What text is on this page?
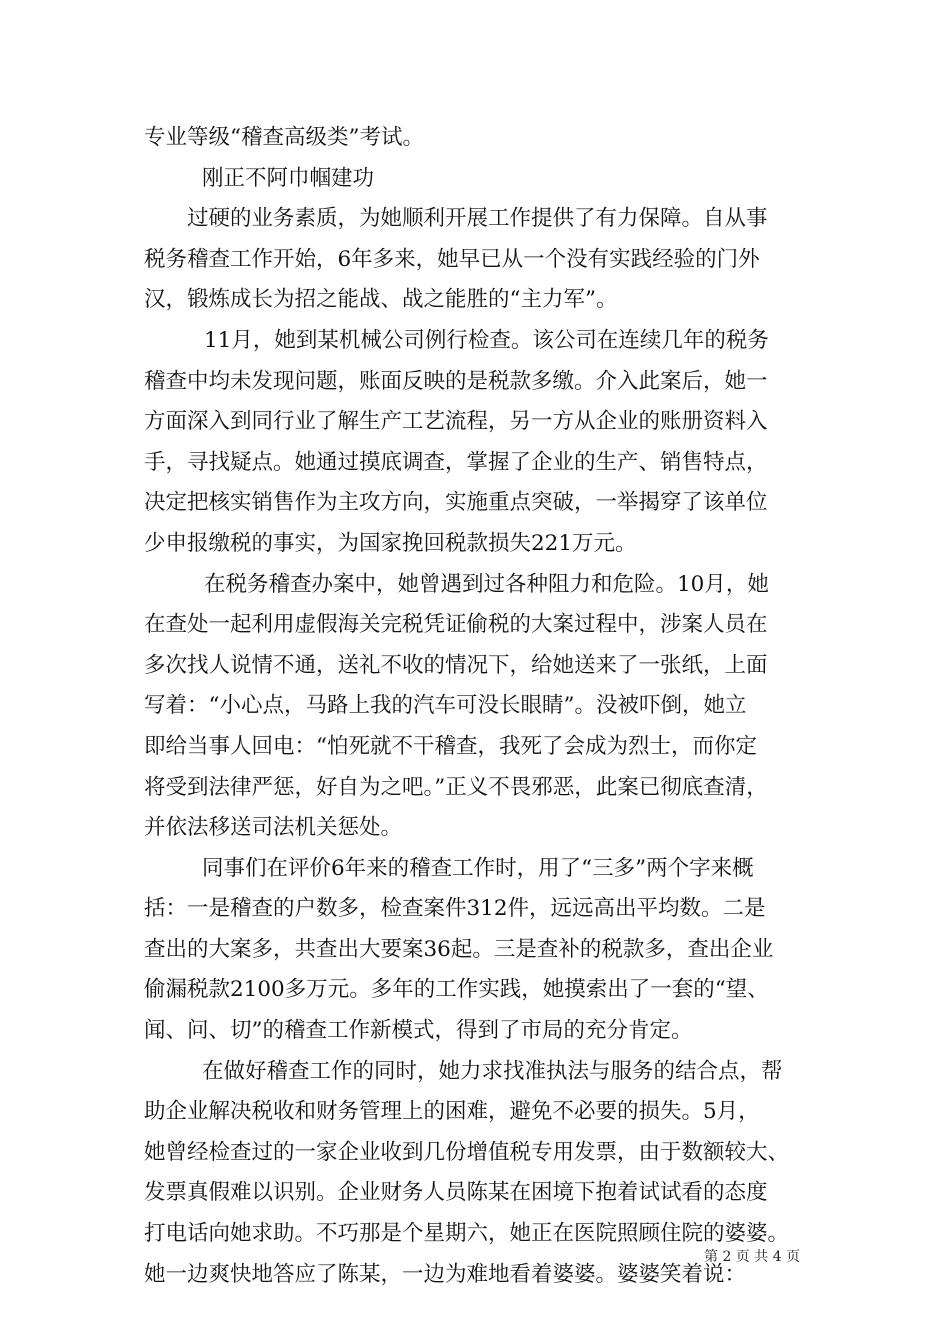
专业等级“稽查高级类”考试。
刚正不阿巾帼建功
过硬的业务素质，为她顺利开展工作提供了有力保障。自从事
税务稽查工作开始，6年多来，她早已从一个没有实践经验的门外
汉，锻炼成长为招之能战、战之能胜的“主力军”。
11月，她到某机械公司例行检查。该公司在连续几年的税务
稽查中均未发现问题，账面反映的是税款多缴。介入此案后，她一
方面深入到同行业了解生产工艺流程，另一方从企业的账册资料入
手，寻找疑点。她通过摸底调查，掌握了企业的生产、销售特点，
决定把核实销售作为主攻方向，实施重点突破，一举揭穿了该单位
少申报缴税的事实，为国家挽回税款损失221万元。
在税务稽查办案中，她曾遇到过各种阻力和危险。10月，她
在查处一起利用虚假海关完税凭证偷税的大案过程中，涉案人员在
多次找人说情不通，送礼不收的情况下，给她送来了一张纸，上面
写着：“小心点，马路上我的汽车可没长眼睛”。没被吓倒，她立
即给当事人回电：“怕死就不干稽查，我死了会成为烈士，而你定
将受到法律严惩，好自为之吧。”正义不畏邪恶，此案已彻底查清，
并依法移送司法机关惩处。
同事们在评价6年来的稽查工作时，用了“三多”两个字来概
括：一是稽查的户数多，检查案件312件，远远高出平均数。二是
查出的大案多，共查出大要案36起。三是查补的税款多，查出企业
偷漏税款2100多万元。多年的工作实践，她摸索出了一套的“望、
闻、问、切”的稽查工作新模式，得到了市局的充分肯定。
在做好稽查工作的同时，她力求找准执法与服务的结合点，帮
助企业解决税收和财务管理上的困难，避免不必要的损失。5月，
她曾经检查过的一家企业收到几份增值税专用发票，由于数额较大、
发票真假难以识别。企业财务人员陈某在困境下抱着试试看的态度
打电话向她求助。不巧那是个星期六，她正在医院照顾住院的婆婆。
她一边爽快地答应了陈某，一边为难地看着婆婆。婆婆笑着说：
第 2 页 共 4 页
